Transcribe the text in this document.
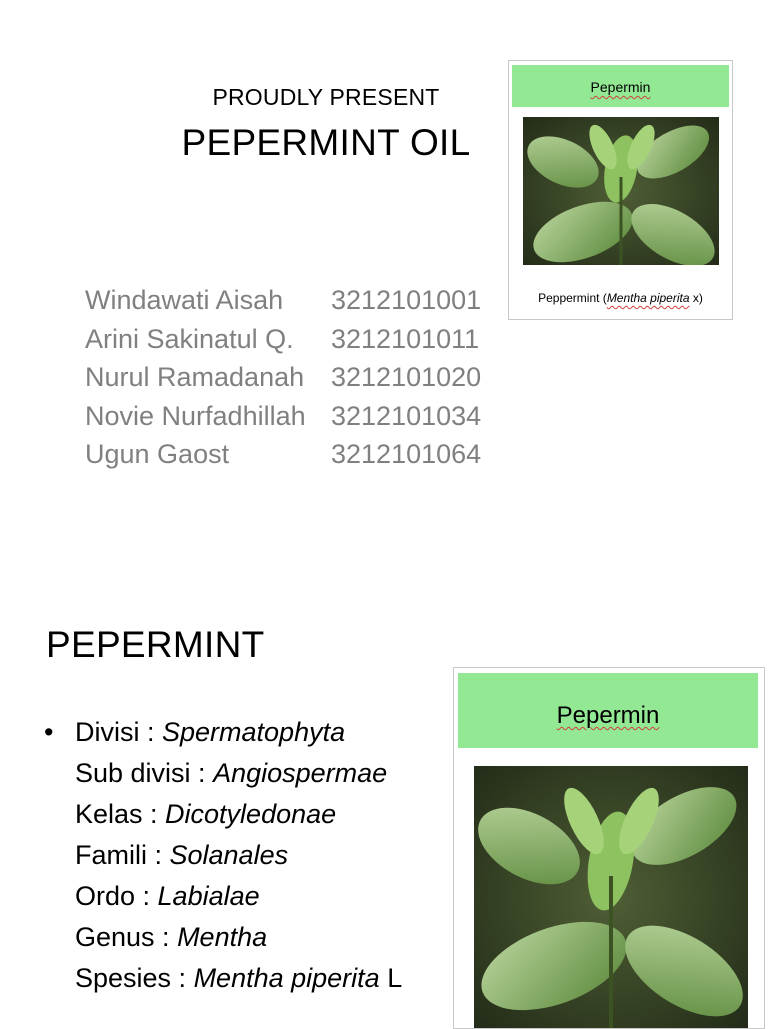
PROUDLY PRESENT
PEPERMINT OIL
Windawati Aisah	3212101001
Arini Sakinatul Q.	3212101011
Nurul Ramadanah 3212101020
Novie Nurfadhillah 3212101034
Ugun Gaost	3212101064
Pepermin
Peppermint (Mentha piperita x)
PEPERMINT
• Divisi : Spermatophyta
Sub divisi : Angiospermae
Kelas : Dicotyledonae
Famili : Solanales
Ordo : Labialae
Genus : Mentha
Spesies : Mentha piperita L
Pepermin
